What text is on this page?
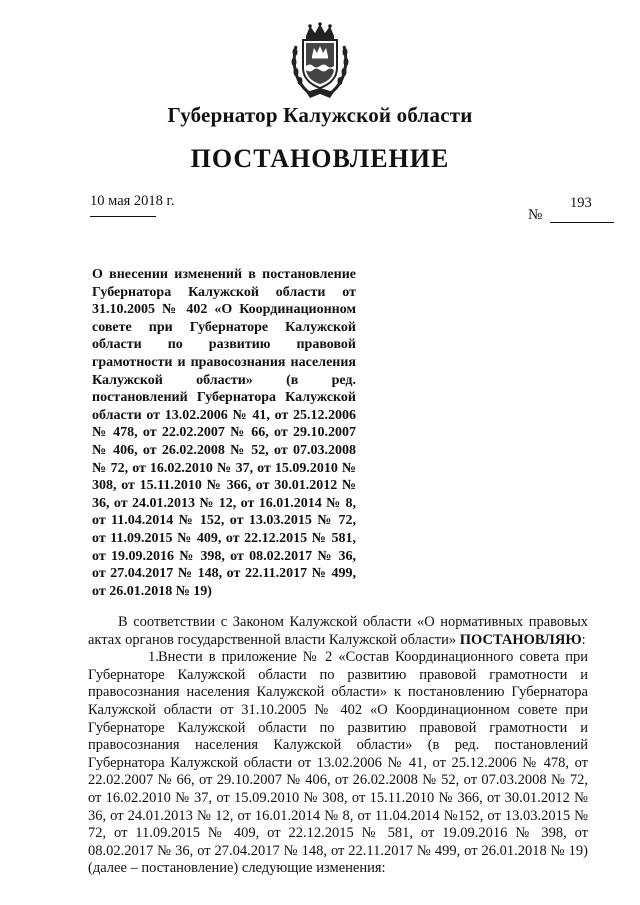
Губернатор Калужской области
ПОСТАНОВЛЕНИЕ
10 мая 2018 г.	193
№
О внесении изменений в постановление Губернатора Калужской области от 31.10.2005 № 402 «О Координационном совете при Губернаторе Калужской области по развитию правовой грамотности и правосознания населения Калужской области» (в ред. постановлений Губернатора Калужской области от 13.02.2006 № 41, от 25.12.2006 № 478, от 22.02.2007 № 66, от 29.10.2007 № 406, от 26.02.2008 № 52, от 07.03.2008 № 72, от 16.02.2010 № 37, от 15.09.2010 № 308, от 15.11.2010 № 366, от 30.01.2012 № 36, от 24.01.2013 № 12, от 16.01.2014 № 8, от 11.04.2014 № 152, от 13.03.2015 № 72, от 11.09.2015 № 409, от 22.12.2015 № 581, от 19.09.2016 № 398, от 08.02.2017 № 36, от 27.04.2017 № 148, от 22.11.2017 № 499, от 26.01.2018 № 19)

В соответствии с Законом Калужской области «О нормативных правовых актах органов государственной власти Калужской области» ПОСТАНОВЛЯЮ:

1.Внести в приложение № 2 «Состав Координационного совета при Губернаторе Калужской области по развитию правовой грамотности и правосознания населения Калужской области» к постановлению Губернатора Калужской области от 31.10.2005 № 402 «О Координационном совете при Губернаторе Калужской области по развитию правовой грамотности и правосознания населения Калужской области» (в ред. постановлений Губернатора Калужской области от 13.02.2006 № 41, от 25.12.2006 № 478, от 22.02.2007 № 66, от 29.10.2007 № 406, от 26.02.2008 № 52, от 07.03.2008 № 72, от 16.02.2010 № 37, от 15.09.2010 № 308, от 15.11.2010 № 366, от 30.01.2012 № 36, от 24.01.2013 № 12, от 16.01.2014 № 8, от 11.04.2014 №152, от 13.03.2015 № 72, от 11.09.2015 № 409, от 22.12.2015 № 581, от 19.09.2016 № 398, от 08.02.2017 № 36, от 27.04.2017 № 148, от 22.11.2017 № 499, от 26.01.2018 № 19) (далее – постановление) следующие изменения:
